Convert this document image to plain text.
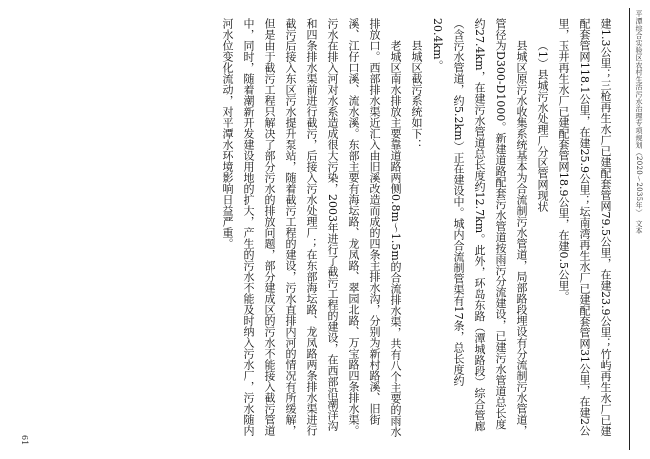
平潭综合实验区农村生活污水治理专项规划（2020～2035年）　文本

建1.3公里；三枪再生水厂已建配套管网79.5公里，在建23.9公里；竹屿再生水厂已建配套管网118.1公里，在建25.9公里；坛南湾再生水厂已建配套管网31公里，在建2公里，玉井再生水厂已建配套管网18.9公里，在建0.5公里。

（1）县城污水处理厂分区管网现状

县城区原污水收集系统基本为合流制污水管道，局部路段埋设有分流制污水管道，管径为D300-D1000。新建道路配套污水管道按雨污分流建设，已建污水管道总长度约27.4km，在建污水管道总长度约12.7km。此外，环岛东路（潭城路段）综合管廊（含污水管道，约5.2km）正在建设中。城内合流制管渠有17条，总长度约20.4km。

县城区截污系统如下：

老城区南水排放主要靠道路两侧0.8m～1.5m的合流排水渠，共有八个主要的雨水排放口。西部排水渠近汇入由旧溪改造而成的四条主排水沟，分别为新村路溪、旧街溪、江仔口溪、流水溪。东部主要有海坛路、龙凤路、翠园北路、万宝路四条排水渠。污水在排入河对水系造成很大污染，2003年进行了截污工程的建设，在西部沿潮洋沟和四条排水渠前进行截污，后接入污水处理厂；在东部海坛路、龙凤路两条排水渠进行截污后接入东区污水提升泵站，随着截污工程的建设，污水直排内河的情况有所缓解，但是由于截污工程只解决了部分污水的排放问题，部分建成区的污水不能接入截污管道中，同时，随着潮新开发建设用地的扩大，产生的污水不能及时纳入污水厂，污水随内河水位变化流动，对平潭水环境影响日益严重。

61
